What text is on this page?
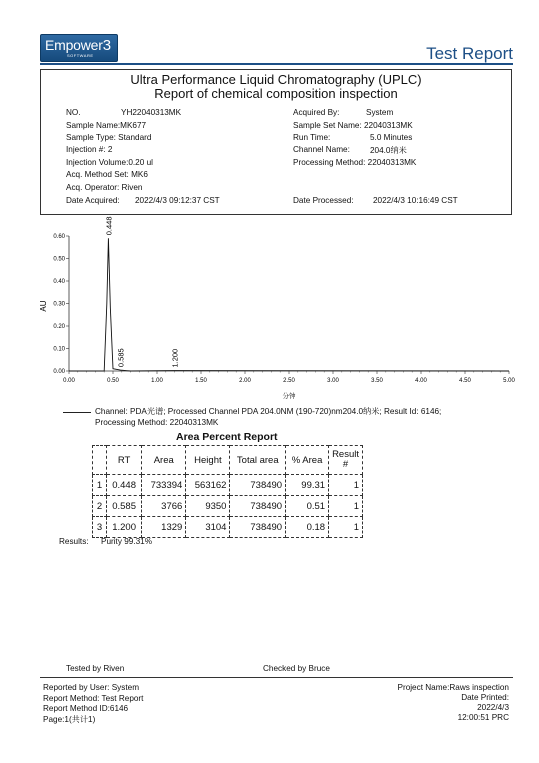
Empower3
SOFTWARE	Test Report
Ultra Performance Liquid Chromatography (UPLC)
Report of chemical composition inspection
NO.	YH22040313MK
Sample Name:MK677
Sample Type: Standard
Injection #: 2
Injection Volume:0.20 ul
Acq. Method Set: MK6
Acq. Operator: Riven
Date Acquired: 2022/4/3 09:12:37 CST
Acquired By:	System
Sample Set Name: 22040313MK
Run Time:	5.0 Minutes
Channel Name: 204.0纳米
Processing Method: 22040313MK
Date Processed: 2022/4/3 10:16:49 CST
0.00	0.50	1.00	1.50	2.00	2.50	3.00	3.50	4.00	4.50	5.00
0.00
0.10
0.20
0.30
0.40
0.50
0.60
0.448
0.585	1.200
AU
分钟
Channel: PDA光谱; Processed Channel PDA 204.0NM (190-720)nm204.0纳米; Result Id: 6146;
Processing Method: 22040313MK
Area Percent Report
	RT	Area	Height	Total area	% Area	Result #
1	0.448	733394	563162	738490	99.31	1
2	0.585	3766	9350	738490	0.51	1
3	1.200	1329	3104	738490	0.18	1
Results: Purity 99.31%
Tested by Riven	Checked by Bruce
Reported by User: System
Report Method: Test Report
Report Method ID:6146
Page:1(共计1)
Project Name:Raws inspection
Date Printed:
2022/4/3
12:00:51 PRC
